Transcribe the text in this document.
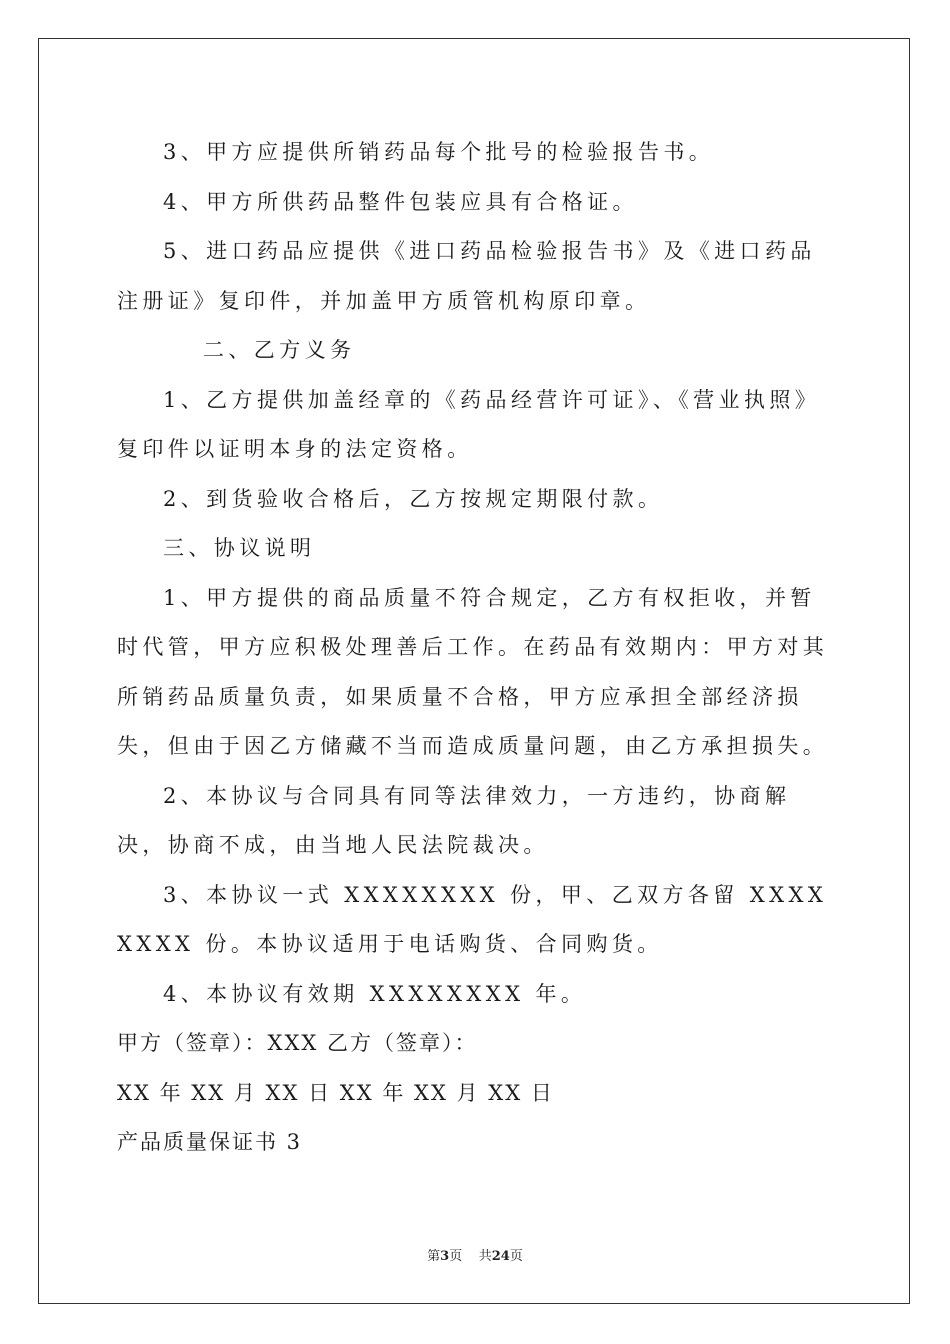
3、甲方应提供所销药品每个批号的检验报告书。

4、甲方所供药品整件包装应具有合格证。

5、进口药品应提供《进口药品检验报告书》及《进口药品注册证》复印件，并加盖甲方质管机构原印章。

二、乙方义务

1、乙方提供加盖经章的《药品经营许可证》、《营业执照》复印件以证明本身的法定资格。

2、到货验收合格后，乙方按规定期限付款。

三、协议说明

1、甲方提供的商品质量不符合规定，乙方有权拒收，并暂时代管，甲方应积极处理善后工作。在药品有效期内：甲方对其所销药品质量负责，如果质量不合格，甲方应承担全部经济损失，但由于因乙方储藏不当而造成质量问题，由乙方承担损失。

2、本协议与合同具有同等法律效力，一方违约，协商解决，协商不成，由当地人民法院裁决。

3、本协议一式 XXXXXXXX 份，甲、乙双方各留 XXXXXXXX 份。本协议适用于电话购货、合同购货。

4、本协议有效期 XXXXXXXX 年。

甲方（签章）：XXX 乙方（签章）：

XX 年 XX 月 XX 日 XX 年 XX 月 XX 日

产品质量保证书 3

第3页 共24页
